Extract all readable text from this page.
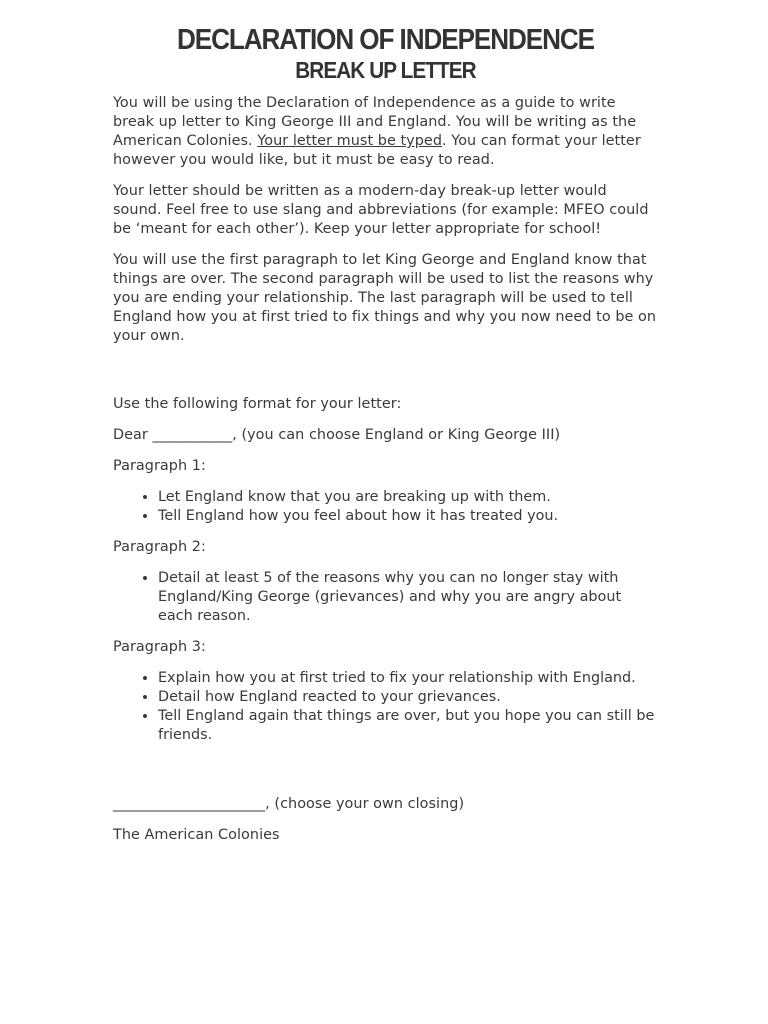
DECLARATION OF INDEPENDENCE
BREAK UP LETTER

You will be using the Declaration of Independence as a guide to write break up letter to King George III and England. You will be writing as the American Colonies. Your letter must be typed. You can format your letter however you would like, but it must be easy to read.

Your letter should be written as a modern-day break-up letter would sound. Feel free to use slang and abbreviations (for example: MFEO could be ‘meant for each other’). Keep your letter appropriate for school!

You will use the first paragraph to let King George and England know that things are over. The second paragraph will be used to list the reasons why you are ending your relationship. The last paragraph will be used to tell England how you at first tried to fix things and why you now need to be on your own.

Use the following format for your letter:

Dear ___________, (you can choose England or King George III)

Paragraph 1:

• Let England know that you are breaking up with them.
• Tell England how you feel about how it has treated you.

Paragraph 2:

• Detail at least 5 of the reasons why you can no longer stay with England/King George (grievances) and why you are angry about each reason.

Paragraph 3:

• Explain how you at first tried to fix your relationship with England.
• Detail how England reacted to your grievances.
• Tell England again that things are over, but you hope you can still be friends.

_____________________, (choose your own closing)

The American Colonies
